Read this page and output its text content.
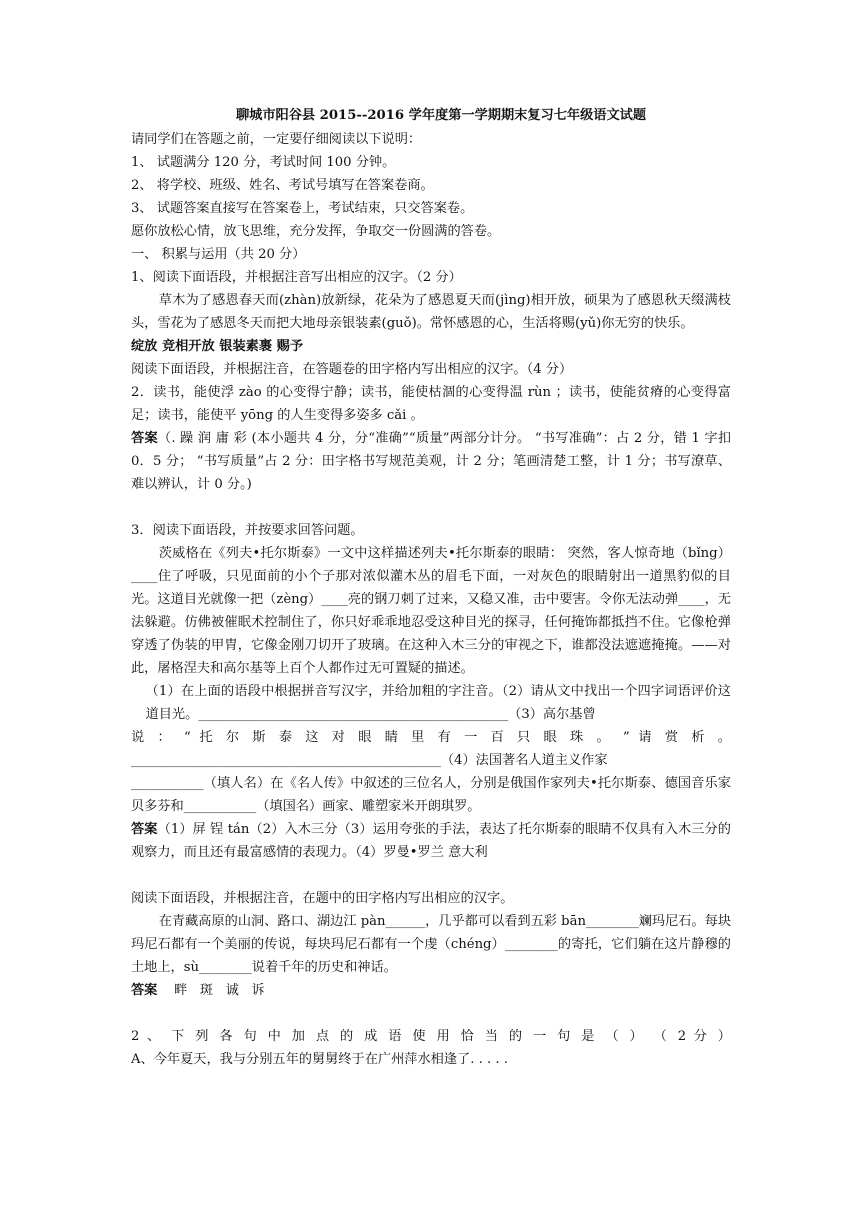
聊城市阳谷县 2015--2016 学年度第一学期期末复习七年级语文试题
请同学们在答题之前，一定要仔细阅读以下说明：
1、 试题满分 120 分，考试时间 100 分钟。
2、 将学校、班级、姓名、考试号填写在答案卷商。
3、 试题答案直接写在答案卷上，考试结束，只交答案卷。
愿你放松心情，放飞思维，充分发挥，争取交一份圆满的答卷。
一、 积累与运用（共 20 分）
1、阅读下面语段，并根据注音写出相应的汉字。（2 分）
草木为了感恩春天而(zhàn)放新绿，花朵为了感恩夏天而(jìng)相开放，硕果为了感恩秋天缀满枝头，雪花为了感恩冬天而把大地母亲银装素(guǒ)。常怀感恩的心，生活将赐(yǔ)你无穷的快乐。
绽放 竞相开放 银装素裹 赐予
阅读下面语段，并根据注音，在答题卷的田字格内写出相应的汉字。（4 分）
2．读书，能使浮 zào 的心变得宁静；读书，能使枯涸的心变得温 rùn ；读书，使能贫瘠的心变得富足；读书，能使平 yōng 的人生变得多姿多 cǎi 。
答案（. 躁 润 庸 彩 (本小题共 4 分，分“准确”“质量”两部分计分。 “书写准确”：占 2 分，错 1 字扣 0．5 分； “书写质量”占 2 分：田字格书写规范美观，计 2 分；笔画清楚工整，计 1 分；书写潦草、难以辨认，计 0 分。)
3．阅读下面语段，并按要求回答问题。
茨威格在《列夫•托尔斯泰》一文中这样描述列夫•托尔斯泰的眼睛： 突然，客人惊奇地（bǐng）____住了呼吸，只见面前的小个子那对浓似灌木丛的眉毛下面，一对灰色的眼睛射出一道黑豹似的目光。这道目光就像一把（zèng）____亮的钢刀刺了过来，又稳又准，击中要害。令你无法动弹____，无法躲避。仿佛被催眠术控制住了，你只好乖乖地忍受这种目光的探寻，任何掩饰都抵挡不住。它像枪弹穿透了伪装的甲胄，它像金刚刀切开了玻璃。在这种入木三分的审视之下，谁都没法遮遮掩掩。——对此，屠格涅夫和高尔基等上百个人都作过无可置疑的描述。
（1）在上面的语段中根据拼音写汉字，并给加粗的字注音。（2）请从文中找出一个四字词语评价这道目光。_______________________________________________（3）高尔基曾
说 ： “ 托 尔 斯 泰 这 对 眼 睛 里 有 一 百 只 眼 珠 。 ” 请 赏 析 。
_______________________________________________（4）法国著名人道主义作家
___________（填人名）在《名人传》中叙述的三位名人，分别是俄国作家列夫•托尔斯泰、德国音乐家贝多芬和___________（填国名）画家、雕塑家米开朗琪罗。
答案（1）屏 锃 tán（2）入木三分（3）运用夸张的手法，表达了托尔斯泰的眼睛不仅具有入木三分的观察力，而且还有最富感情的表现力。（4）罗曼•罗兰 意大利
阅读下面语段，并根据注音，在题中的田字格内写出相应的汉字。
在青藏高原的山洞、路口、湖边江 pàn______，几乎都可以看到五彩 bān________斓玛尼石。每块玛尼石都有一个美丽的传说，每块玛尼石都有一个虔（chéng）________的寄托，它们躺在这片静穆的土地上，sù________说着千年的历史和神话。
答案    畔   斑   诚   诉
2 、 下 列 各 句 中 加 点 的 成 语 使 用 恰 当 的 一 句 是 （ ） （ 2 分 ）
A、今年夏天，我与分别五年的舅舅终于在广州萍水相逢了. . . . .
